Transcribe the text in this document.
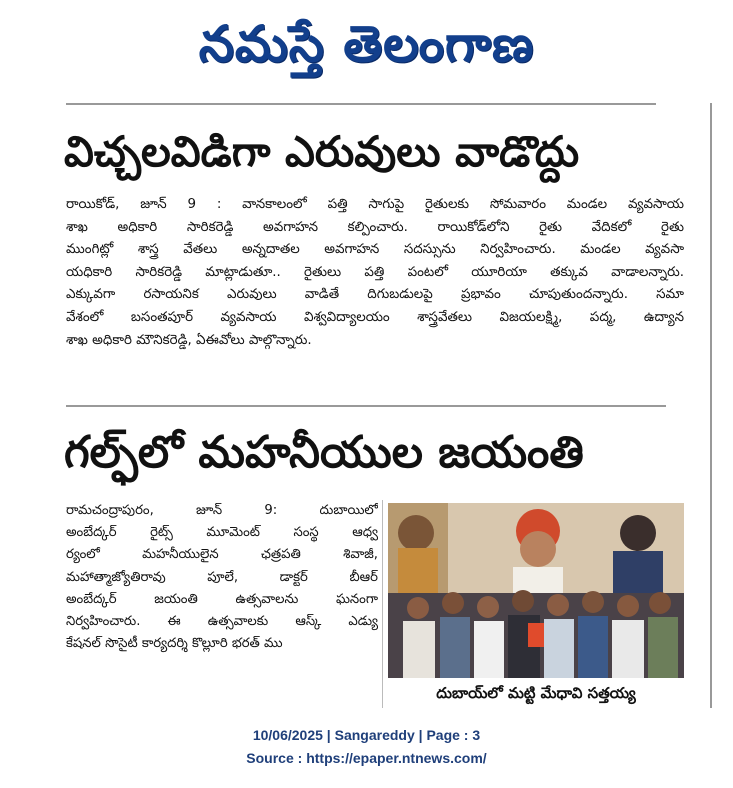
నమస్తే తెలంగాణ
విచ్చలవిడిగా ఎరువులు వాడొద్దు
రాయికోడ్, జూన్ 9 : వానకాలంలో పత్తి సాగుపై రైతులకు సోమవారం మండల వ్యవసాయ
శాఖ అధికారి సారికరెడ్డి అవగాహన కల్పించారు. రాయికోడ్‌లోని రైతు వేదికలో రైతు
ముంగిట్లో శాస్త్ర వేతలు అన్నదాతల అవగాహన సదస్సును నిర్వహించారు. మండల వ్యవసా
యధికారి సారికరెడ్డి మాట్లాడుతూ.. రైతులు పత్తి పంటలో యూరియా తక్కువ వాడాలన్నారు.
ఎక్కువగా రసాయనిక ఎరువులు వాడితే దిగుబడులపై ప్రభావం చూపుతుందన్నారు. సమా
వేశంలో బసంతపూర్ వ్యవసాయ విశ్వవిద్యాలయం శాస్త్రవేతలు విజయలక్ష్మి, పద్మ, ఉద్యాన
శాఖ అధికారి మౌనికరెడ్డి, ఏఈవోలు పాల్గొన్నారు.
గల్ఫ్‌లో మహనీయుల జయంతి
రామచంద్రాపురం, జూన్ 9: దుబాయిలో
అంబేద్కర్ రైట్స్ మూమెంట్ సంస్థ ఆధ్వ
ర్యంలో మహనీయులైన ఛత్రపతి శివాజీ,
మహాత్మాజ్యోతిరావు పూలే, డాక్టర్ బీఆర్
అంబేద్కర్ జయంతి ఉత్సవాలను ఘనంగా
నిర్వహించారు. ఈ ఉత్సవాలకు ఆస్క్ ఎడ్యు
కేషనల్ సొసైటీ కార్యదర్శి కొల్లూరి భరత్ ము
దుబాయ్‌లో మట్టి మేధావి సత్తయ్య
10/06/2025 | Sangareddy | Page : 3
Source : https://epaper.ntnews.com/
